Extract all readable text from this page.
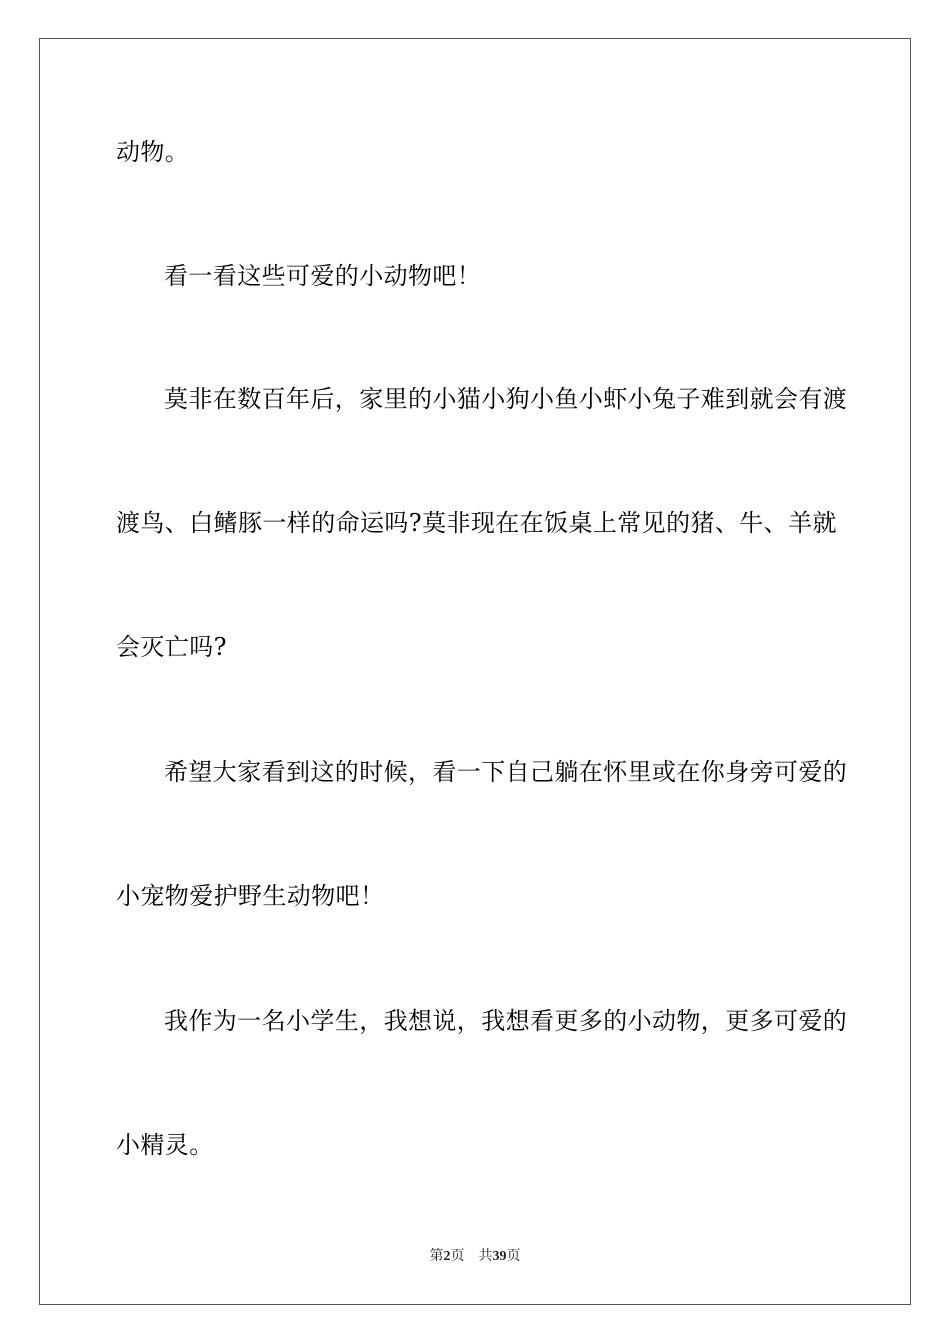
动物。
看一看这些可爱的小动物吧！
莫非在数百年后，家里的小猫小狗小鱼小虾小兔子难到就会有渡
渡鸟、白鳍豚一样的命运吗?莫非现在在饭桌上常见的猪、牛、羊就
会灭亡吗?
希望大家看到这的时候，看一下自己躺在怀里或在你身旁可爱的
小宠物爱护野生动物吧！
我作为一名小学生，我想说，我想看更多的小动物，更多可爱的
小精灵。
第2页 共39页
